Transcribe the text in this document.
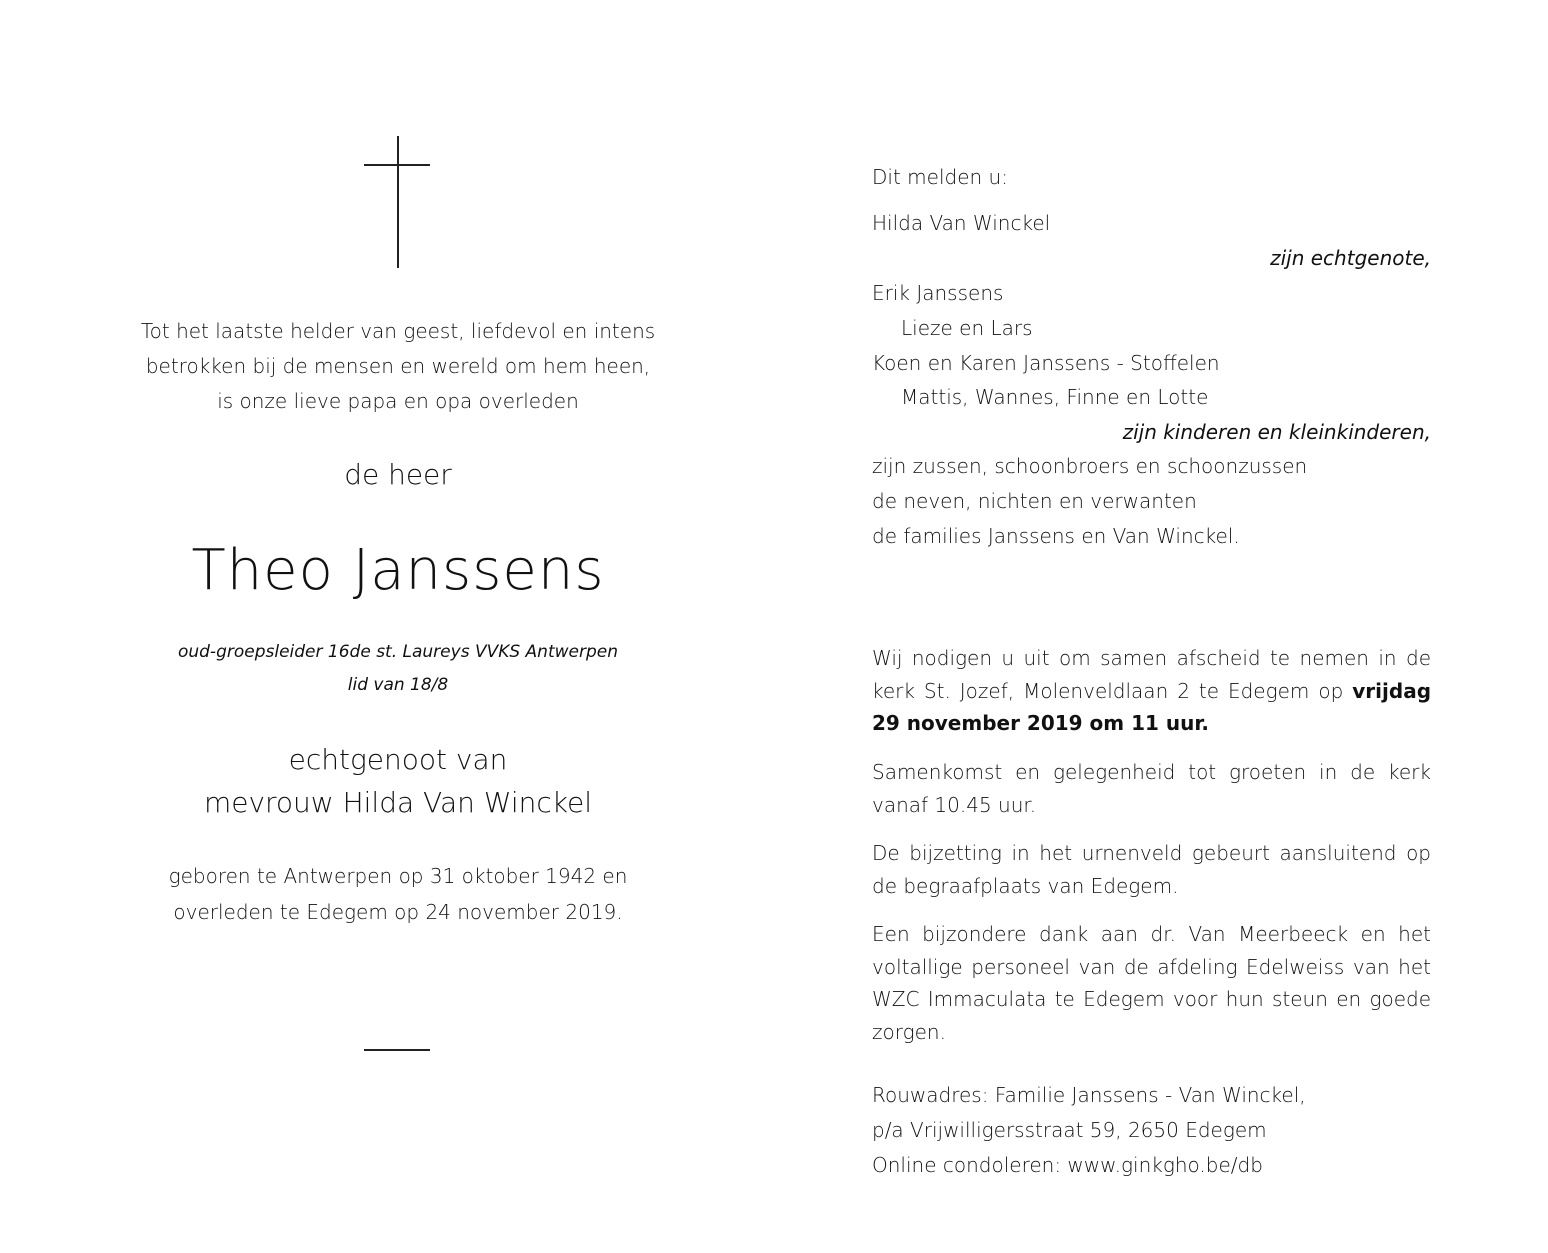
Tot het laatste helder van geest, liefdevol en intens
betrokken bij de mensen en wereld om hem heen,
is onze lieve papa en opa overleden
de heer
Theo Janssens
oud-groepsleider 16de st. Laureys VVKS Antwerpen
lid van 18/8
echtgenoot van
mevrouw Hilda Van Winckel
geboren te Antwerpen op 31 oktober 1942 en
overleden te Edegem op 24 november 2019.
Dit melden u:
Hilda Van Winckel
zijn echtgenote,
Erik Janssens
Lieze en Lars
Koen en Karen Janssens - Stoffelen
Mattis, Wannes, Finne en Lotte
zijn kinderen en kleinkinderen,
zijn zussen, schoonbroers en schoonzussen
de neven, nichten en verwanten
de families Janssens en Van Winckel.
Wij nodigen u uit om samen afscheid te nemen in de kerk St. Jozef, Molenveldlaan 2 te Edegem op vrijdag 29 november 2019 om 11 uur.
Samenkomst en gelegenheid tot groeten in de kerk vanaf 10.45 uur.
De bijzetting in het urnenveld gebeurt aansluitend op de begraafplaats van Edegem.
Een bijzondere dank aan dr. Van Meerbeeck en het voltallige personeel van de afdeling Edelweiss van het WZC Immaculata te Edegem voor hun steun en goede zorgen.
Rouwadres: Familie Janssens - Van Winckel,
p/a Vrijwilligersstraat 59, 2650 Edegem
Online condoleren: www.ginkgho.be/db
